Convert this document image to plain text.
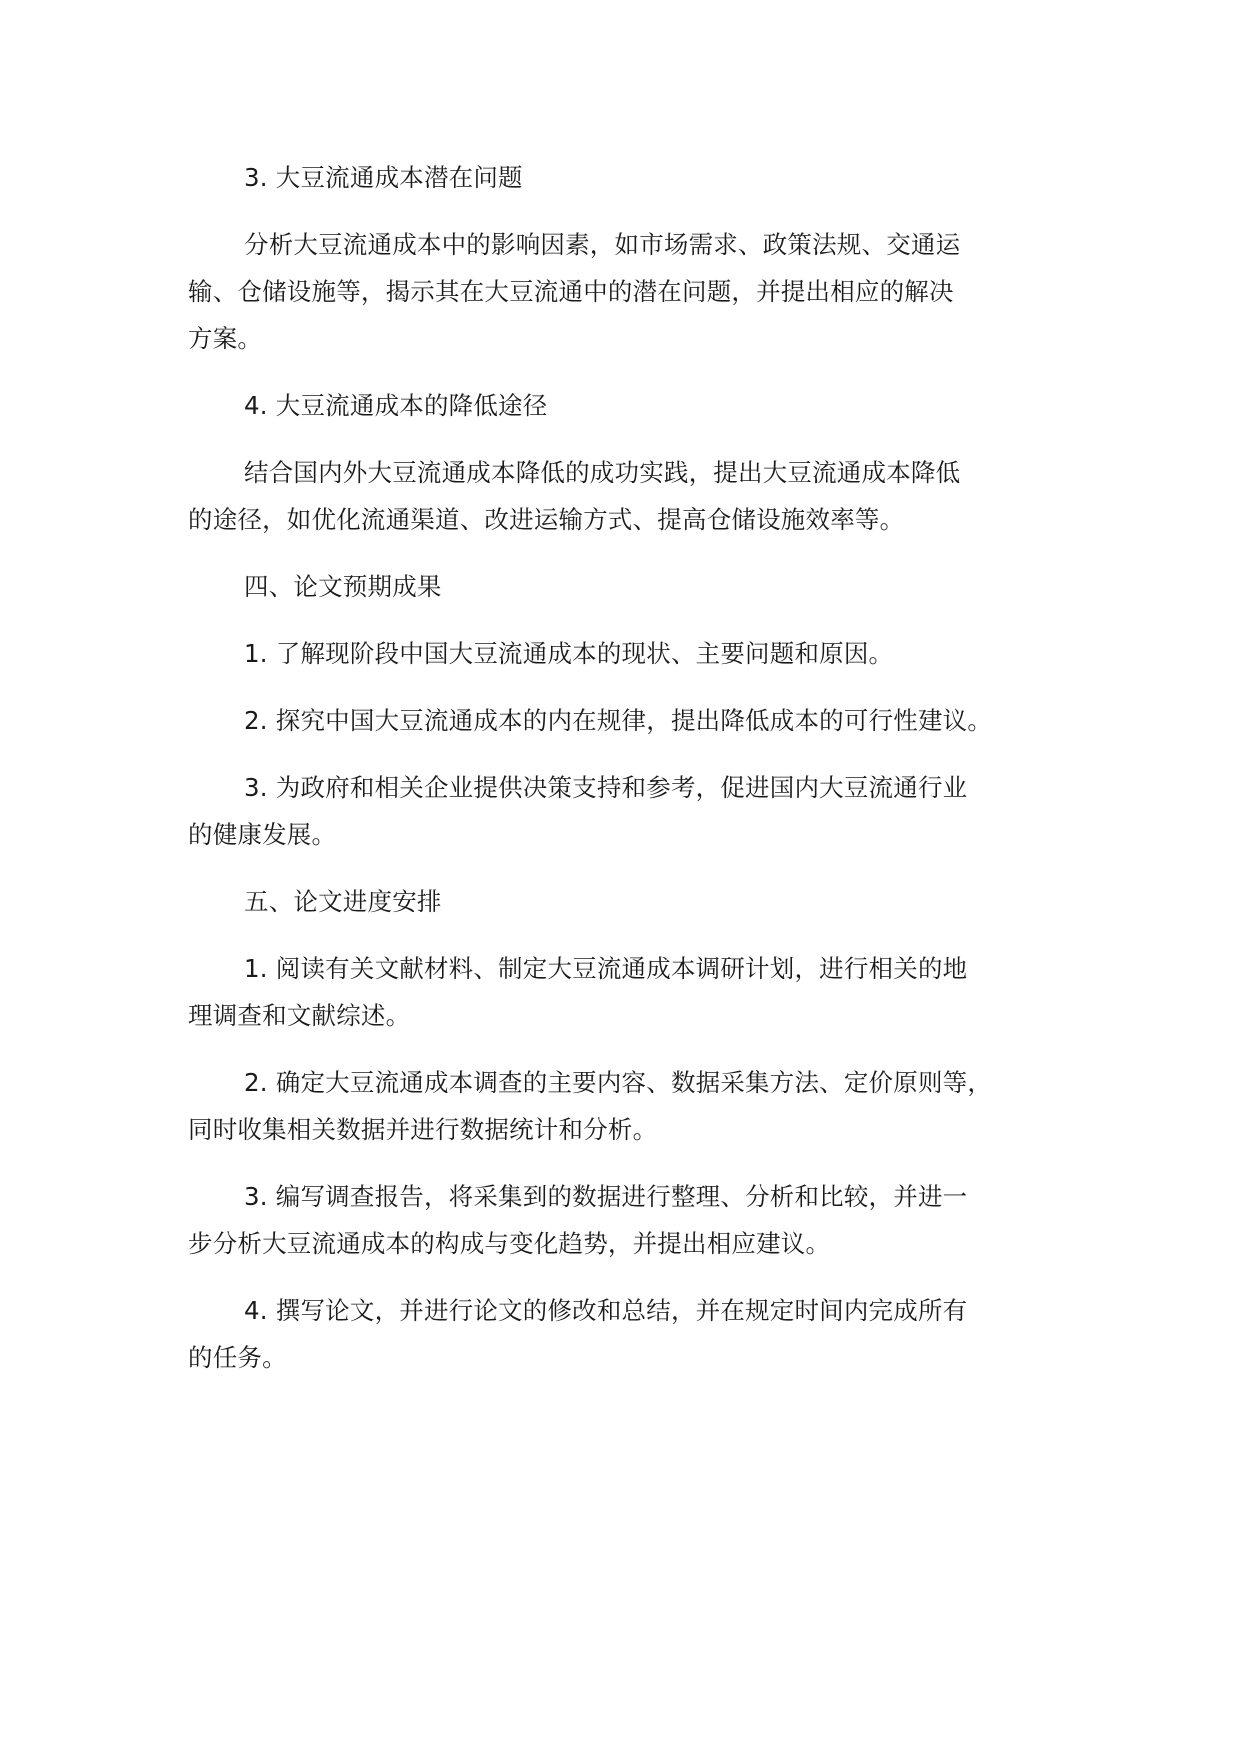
3. 大豆流通成本潜在问题

分析大豆流通成本中的影响因素，如市场需求、政策法规、交通运
输、仓储设施等，揭示其在大豆流通中的潜在问题，并提出相应的解决
方案。

4. 大豆流通成本的降低途径

结合国内外大豆流通成本降低的成功实践，提出大豆流通成本降低
的途径，如优化流通渠道、改进运输方式、提高仓储设施效率等。

四、论文预期成果

1. 了解现阶段中国大豆流通成本的现状、主要问题和原因。

2. 探究中国大豆流通成本的内在规律，提出降低成本的可行性建议。

3. 为政府和相关企业提供决策支持和参考，促进国内大豆流通行业
的健康发展。

五、论文进度安排

1. 阅读有关文献材料、制定大豆流通成本调研计划，进行相关的地
理调查和文献综述。

2. 确定大豆流通成本调查的主要内容、数据采集方法、定价原则等，
同时收集相关数据并进行数据统计和分析。

3. 编写调查报告，将采集到的数据进行整理、分析和比较，并进一
步分析大豆流通成本的构成与变化趋势，并提出相应建议。

4. 撰写论文，并进行论文的修改和总结，并在规定时间内完成所有
的任务。
